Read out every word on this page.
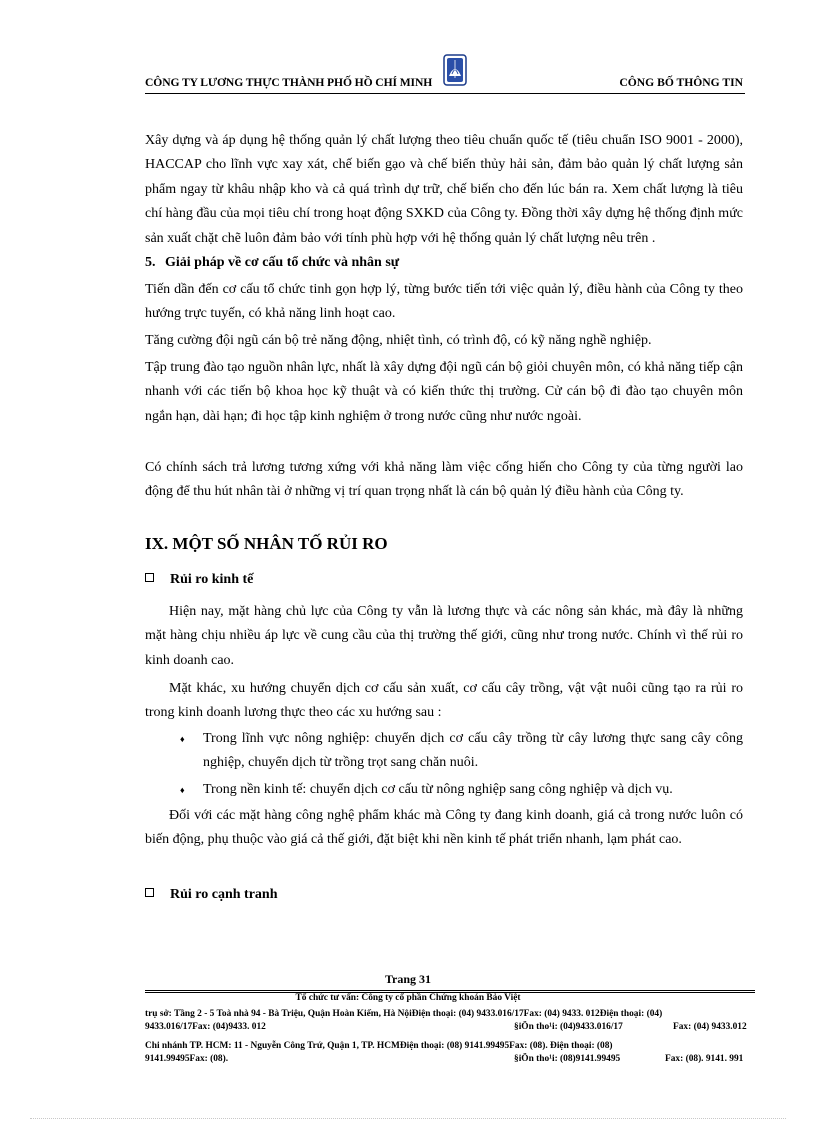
CÔNG TY LƯƠNG THỰC THÀNH PHỐ HỒ CHÍ MINH	CÔNG BỐ THÔNG TIN

Xây dựng và áp dụng hệ thống quản lý chất lượng theo tiêu chuẩn quốc tế (tiêu chuẩn ISO 9001 - 2000), HACCAP cho lĩnh vực xay xát, chế biến gạo và chế biến thủy hải sản, đảm bảo quản lý chất lượng sản phẩm ngay từ khâu nhập kho và cả quá trình dự trữ, chế biến cho đến lúc bán ra. Xem chất lượng là tiêu chí hàng đầu của mọi tiêu chí trong hoạt động SXKD của Công ty. Đồng thời xây dựng hệ thống định mức sản xuất chặt chẽ luôn đảm bảo với tính phù hợp với hệ thống quản lý chất lượng nêu trên .

5. Giải pháp về cơ cấu tổ chức và nhân sự

Tiến dần đến cơ cấu tổ chức tinh gọn hợp lý, từng bước tiến tới việc quản lý, điều hành của Công ty theo hướng trực tuyến, có khả năng linh hoạt cao.

Tăng cường đội ngũ cán bộ trẻ năng động, nhiệt tình, có trình độ, có kỹ năng nghề nghiệp.

Tập trung đào tạo nguồn nhân lực, nhất là xây dựng đội ngũ cán bộ giỏi chuyên môn, có khả năng tiếp cận nhanh với các tiến bộ khoa học kỹ thuật và có kiến thức thị trường. Cử cán bộ đi đào tạo chuyên môn ngắn hạn, dài hạn; đi học tập kinh nghiệm ở trong nước cũng như nước ngoài.

Có chính sách trả lương tương xứng với khả năng làm việc cống hiến cho Công ty của từng người lao động để thu hút nhân tài ở những vị trí quan trọng nhất là cán bộ quản lý điều hành của Công ty.

IX. MỘT SỐ NHÂN TỐ RỦI RO

Rủi ro kinh tế

Hiện nay, mặt hàng chủ lực của Công ty vẫn là lương thực và các nông sản khác, mà đây là những mặt hàng chịu nhiều áp lực về cung cầu của thị trường thế giới, cũng như trong nước. Chính vì thế rủi ro kinh doanh cao.

Mặt khác, xu hướng chuyển dịch cơ cấu sản xuất, cơ cấu cây trồng, vật vật nuôi cũng tạo ra rủi ro trong kinh doanh lương thực theo các xu hướng sau :

♦ Trong lĩnh vực nông nghiệp: chuyển dịch cơ cấu cây trồng từ cây lương thực sang cây công nghiệp, chuyển dịch từ trồng trọt sang chăn nuôi.
♦ Trong nền kinh tế: chuyển dịch cơ cấu từ nông nghiệp sang công nghiệp và dịch vụ.

Đối với các mặt hàng công nghệ phẩm khác mà Công ty đang kinh doanh, giá cả trong nước luôn có biến động, phụ thuộc vào giá cả thế giới, đặt biệt khi nền kinh tế phát triển nhanh, lạm phát cao.

Rủi ro cạnh tranh

Trang 31
Tổ chức tư vấn: Công ty cổ phần Chứng khoán Bảo Việt
trụ sở: Tầng 2 - 5 Toà nhà 94 - Bà Triệu, Quận Hoàn Kiếm, Hà NộiĐiện thoại: (04) 9433.016/17Fax: (04) 9433. 012Điện thoại: (04)
9433.016/17Fax: (04)9433. 012	§iÖn tho¹i: (04)9433.016/17	Fax: (04) 9433.012
Chi nhánh TP. HCM: 11 - Nguyễn Công Trứ, Quận 1, TP. HCMĐiện thoại: (08) 9141.99495Fax: (08). Điện thoại: (08)
9141.99495Fax: (08).	§iÖn tho¹i: (08)9141.99495	Fax: (08). 9141. 991
